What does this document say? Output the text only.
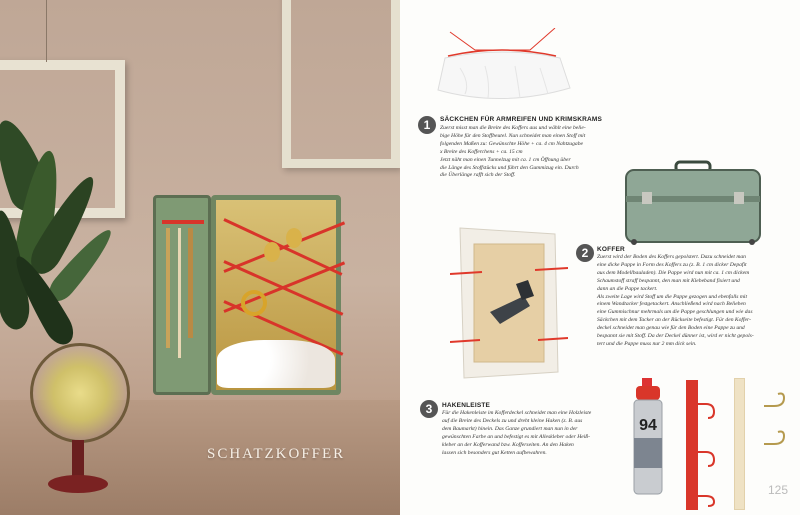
SCHATZKOFFER
1	SÄCKCHEN FÜR ARMREIFEN UND KRIMSKRAMS
Zuerst misst man die Breite des Koffers aus und wählt eine belie-
bige Höhe für den Stoffbeutel. Nun schneidet man einen Stoff mit
folgenden Maßen zu: Gewünschte Höhe + ca. 4 cm Nahtzugabe
x Breite des Kofferchens + ca. 15 cm
Jetzt näht man einen Tunnelzug mit ca. 1 cm Öffnung über
die Länge des Stoffstücks und führt den Gummizug ein. Durch
die Überlänge rafft sich der Stoff.
2	KOFFER
Zuerst wird der Boden des Koffers gepolstert. Dazu schneidet man
eine dicke Pappe in Form des Koffers zu (z. B. 1 cm dicker Depafit
aus dem Modellbauladen). Die Pappe wird nun mit ca. 1 cm dickem
Schaumstoff straff bespannt, den man mit Klebeband fixiert und
dann an die Pappe tackert.
Als zweite Lage wird Stoff um die Pappe gezogen und ebenfalls mit
einem Wandtacker festgetackert. Anschließend wird nach Belieben
eine Gummischnur mehrmals um die Pappe geschlungen und wie das
Säckchen mit dem Tacker an der Rückseite befestigt. Für den Koffer-
deckel schneidet man genau wie für den Boden eine Pappe zu und
bespannt sie mit Stoff. Da der Deckel dünner ist, wird er nicht gepols-
tert und die Pappe muss nur 2 mm dick sein.
3	HAKENLEISTE
Für die Hakenleiste im Kofferdeckel schneidet man eine Holzleiste
auf die Breite des Deckels zu und dreht kleine Haken (z. B. aus
dem Baumarkt) hinein. Das Ganze grundiert man nun in der
gewünschten Farbe an und befestigt es mit Alleskleber oder Heiß-
kleber an der Kofferwand bzw. Kofferseiten. An den Haken
lassen sich besonders gut Ketten aufbewahren.
94
125
